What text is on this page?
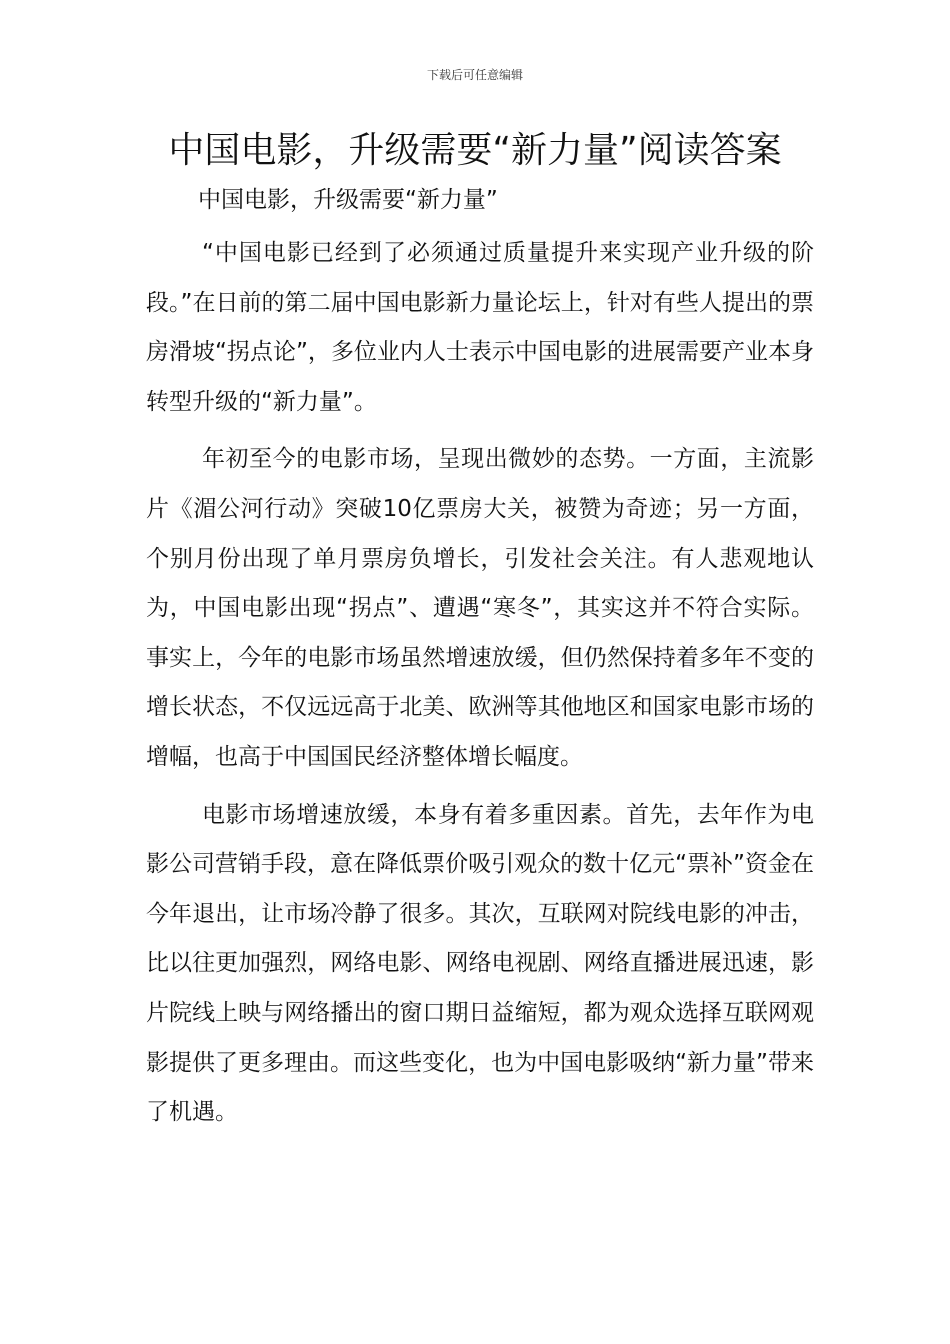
下载后可任意编辑
中国电影，升级需要“新力量”阅读答案

中国电影，升级需要“新力量”

“中国电影已经到了必须通过质量提升来实现产业升级的阶段。”在日前的第二届中国电影新力量论坛上，针对有些人提出的票房滑坡“拐点论”，多位业内人士表示中国电影的进展需要产业本身转型升级的“新力量”。

年初至今的电影市场，呈现出微妙的态势。一方面，主流影片《湄公河行动》突破10亿票房大关，被赞为奇迹；另一方面，个别月份出现了单月票房负增长，引发社会关注。有人悲观地认为，中国电影出现“拐点”、遭遇“寒冬”，其实这并不符合实际。事实上，今年的电影市场虽然增速放缓，但仍然保持着多年不变的增长状态，不仅远远高于北美、欧洲等其他地区和国家电影市场的增幅，也高于中国国民经济整体增长幅度。

电影市场增速放缓，本身有着多重因素。首先，去年作为电影公司营销手段，意在降低票价吸引观众的数十亿元“票补”资金在今年退出，让市场冷静了很多。其次，互联网对院线电影的冲击，比以往更加强烈，网络电影、网络电视剧、网络直播进展迅速，影片院线上映与网络播出的窗口期日益缩短，都为观众选择互联网观影提供了更多理由。而这些变化，也为中国电影吸纳“新力量”带来了机遇。
